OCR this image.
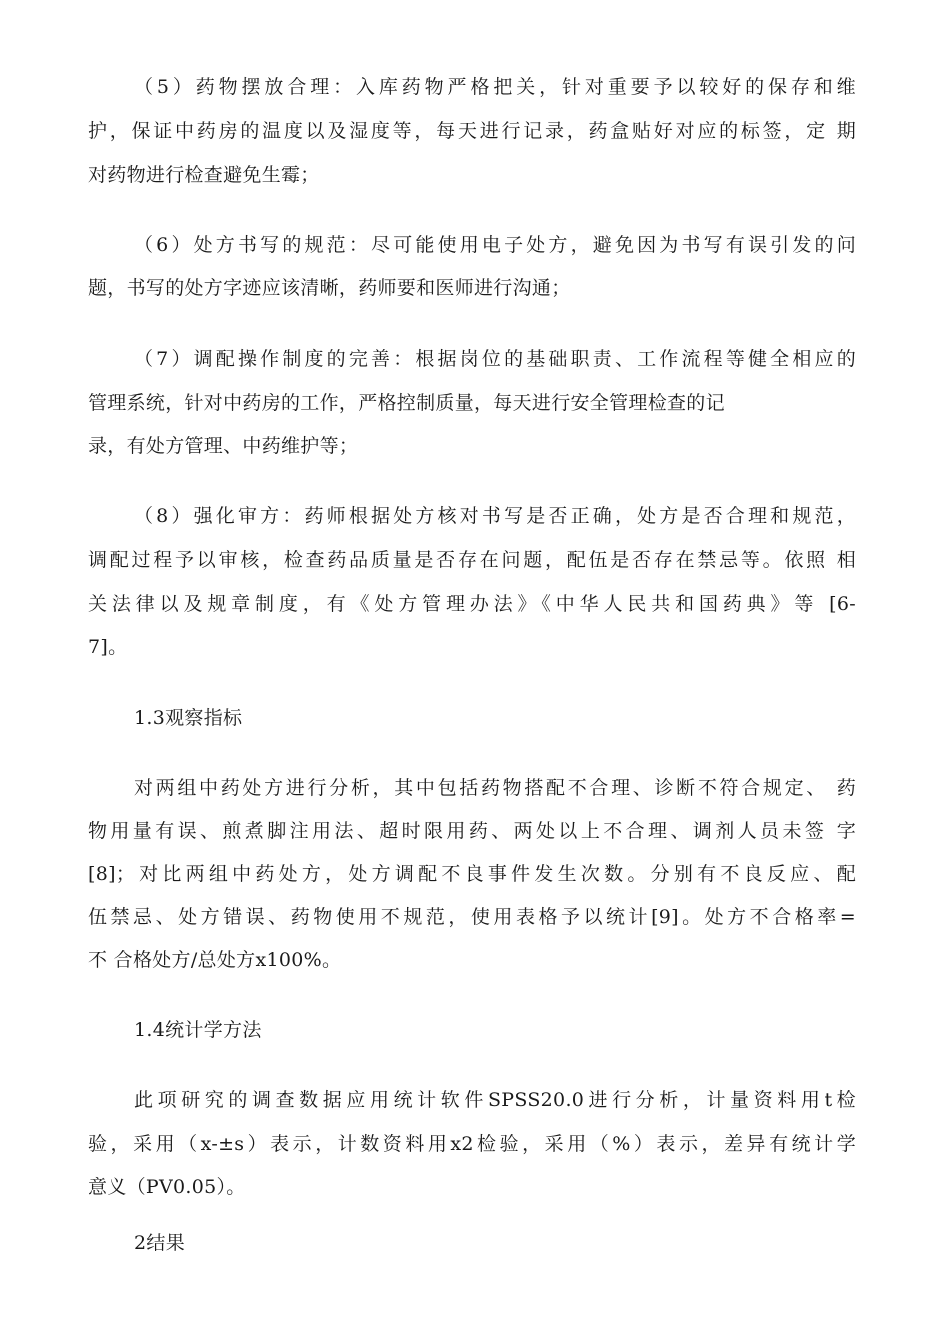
（5）药物摆放合理：入库药物严格把关，针对重要予以较好的保存和维
护，保证中药房的温度以及湿度等，每天进行记录，药盒贴好对应的标签，定 期
对药物进行检查避免生霉；
（6）处方书写的规范：尽可能使用电子处方，避免因为书写有误引发的问
题，书写的处方字迹应该清晰，药师要和医师进行沟通；
（7）调配操作制度的完善：根据岗位的基础职责、工作流程等健全相应的
管理系统，针对中药房的工作，严格控制质量，每天进行安全管理检查的记
录，有处方管理、中药维护等；
（8）强化审方：药师根据处方核对书写是否正确，处方是否合理和规范，
调配过程予以审核，检查药品质量是否存在问题，配伍是否存在禁忌等。依照 相
关法律以及规章制度，有《处方管理办法》《中华人民共和国药典》等 [6-
7]。
1.3观察指标
对两组中药处方进行分析，其中包括药物搭配不合理、诊断不符合规定、 药
物用量有误、煎煮脚注用法、超时限用药、两处以上不合理、调剂人员未签 字
[8]；对比两组中药处方，处方调配不良事件发生次数。分别有不良反应、配
伍禁忌、处方错误、药物使用不规范，使用表格予以统计[9]。处方不合格率=
不 合格处方/总处方x100%。
1.4统计学方法
此项研究的调查数据应用统计软件SPSS20.0进行分析，计量资料用t检
验，采用（x-±s）表示，计数资料用x2检验，采用（%）表示，差异有统计学
意义（PV0.05）。
2结果
